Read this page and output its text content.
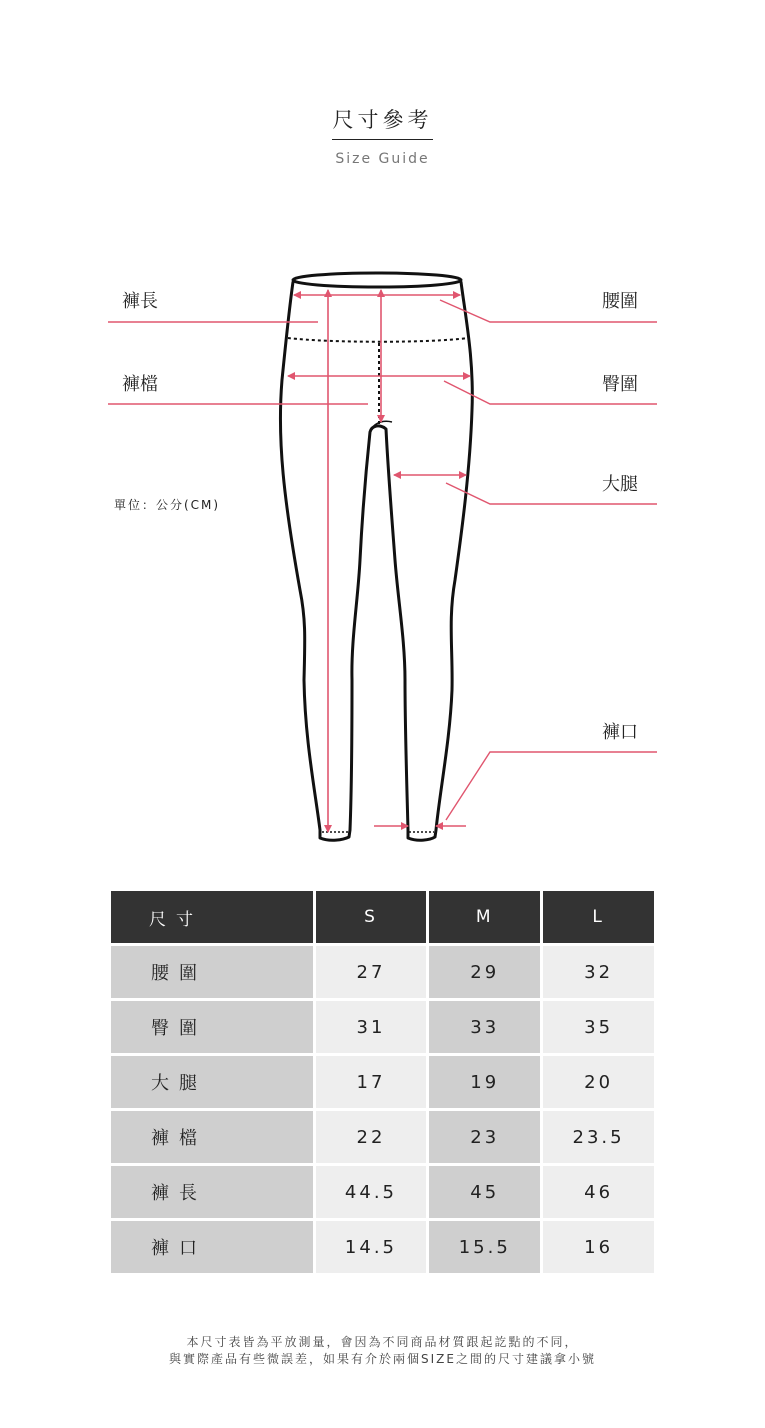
尺寸參考
Size Guide
褲長
褲檔
腰圍
臀圍
大腿
褲口
單位：公分(CM)
尺寸	S	M	L
腰圍	27	29	32
臀圍	31	33	35
大腿	17	19	20
褲檔	22	23	23.5
褲長	44.5	45	46
褲口	14.5	15.5	16
本尺寸表皆為平放測量，會因為不同商品材質跟起訖點的不同，
與實際產品有些微誤差，如果有介於兩個SIZE之間的尺寸建議拿小號
